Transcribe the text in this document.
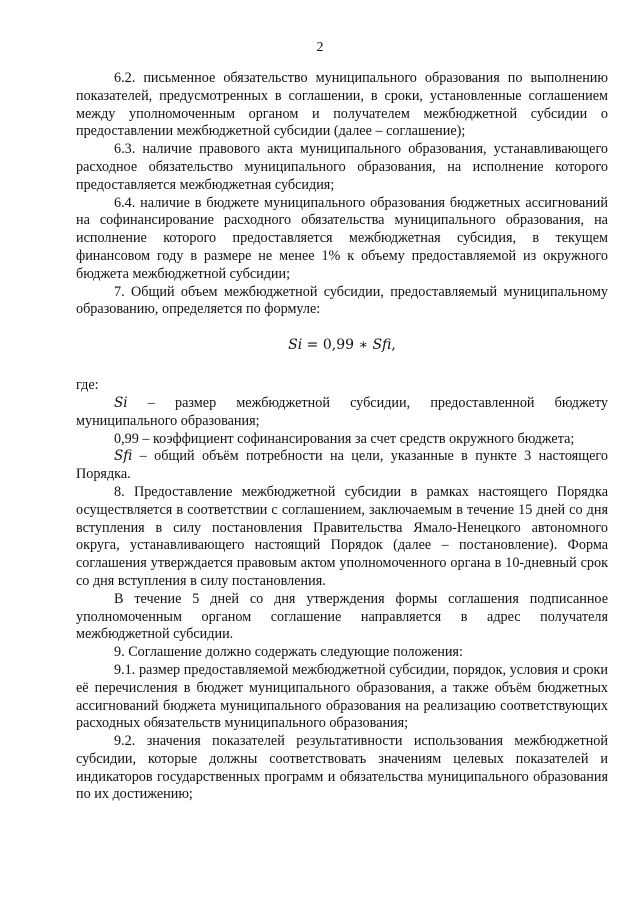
2

6.2. письменное обязательство муниципального образования по выполнению показателей, предусмотренных в соглашении, в сроки, установленные соглашением между уполномоченным органом и получателем межбюджетной субсидии о предоставлении межбюджетной субсидии (далее – соглашение);

6.3. наличие правового акта муниципального образования, устанавливающего расходное обязательство муниципального образования, на исполнение которого предоставляется межбюджетная субсидия;

6.4. наличие в бюджете муниципального образования бюджетных ассигнований на софинансирование расходного обязательства муниципального образования, на исполнение которого предоставляется межбюджетная субсидия, в текущем финансовом году в размере не менее 1% к объему предоставляемой из окружного бюджета межбюджетной субсидии;

7. Общий объем межбюджетной субсидии, предоставляемый муниципальному образованию, определяется по формуле:

Si = 0,99 ∗ Sfi,

где:

Si – размер межбюджетной субсидии, предоставленной бюджету муниципального образования;

0,99 – коэффициент софинансирования за счет средств окружного бюджета;

Sfi – общий объём потребности на цели, указанные в пункте 3 настоящего Порядка.

8. Предоставление межбюджетной субсидии в рамках настоящего Порядка осуществляется в соответствии с соглашением, заключаемым в течение 15 дней со дня вступления в силу постановления Правительства Ямало-Ненецкого автономного округа, устанавливающего настоящий Порядок (далее – постановление). Форма соглашения утверждается правовым актом уполномоченного органа в 10-дневный срок со дня вступления в силу постановления.

В течение 5 дней со дня утверждения формы соглашения подписанное уполномоченным органом соглашение направляется в адрес получателя межбюджетной субсидии.

9. Соглашение должно содержать следующие положения:

9.1. размер предоставляемой межбюджетной субсидии, порядок, условия и сроки её перечисления в бюджет муниципального образования, а также объём бюджетных ассигнований бюджета муниципального образования на реализацию соответствующих расходных обязательств муниципального образования;

9.2. значения показателей результативности использования межбюджетной субсидии, которые должны соответствовать значениям целевых показателей и индикаторов государственных программ и обязательства муниципального образования по их достижению;
